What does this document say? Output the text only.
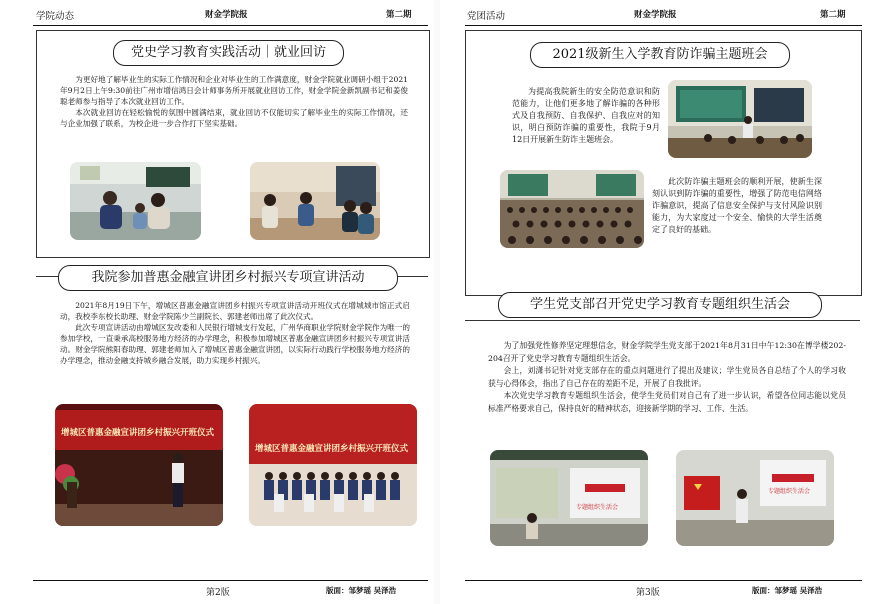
学院动态	财金学院报	第二期
党史学习教育实践活动｜就业回访

为更好地了解毕业生的实际工作情况和企业对毕业生的工作满意度，财金学院就业调研小组于2021年9月2日上午9:30前往广州市增信鸿日会计师事务所开展就业回访工作，财金学院金新凯副书记和姜俊聪老师参与指导了本次就业回访工作。

本次就业回访在轻松愉悦的氛围中圆满结束，就业回访不仅能切实了解毕业生的实际工作情况，还与企业加强了联系，为校企进一步合作打下坚实基础。

我院参加普惠金融宣讲团乡村振兴专项宣讲活动

2021年8月19日下午，增城区普惠金融宣讲团乡村振兴专项宣讲活动开班仪式在增城城市馆正式启动，我校李东校长助理、财金学院陈少兰副院长、郭建老师出席了此次仪式。

此次专项宣讲活动由增城区发改委和人民银行增城支行发起，广州华商职业学院财金学院作为唯一的参加学校，一直秉承高校服务地方经济的办学理念，积极参加增城区普惠金融宣讲团乡村振兴专项宣讲活动。财金学院熊阳春助理、郭建老师加入了增城区普惠金融宣讲团，以实际行动践行学校服务地方经济的办学理念，推动金融支持城乡融合发展，助力实现乡村振兴。

增城区普惠金融宣讲团乡村振兴开班仪式
增城区普惠金融宣讲团乡村振兴开班仪式
第2版	版面：邹梦瑶 吴泽浩
党团活动	财金学院报	第二期
2021级新生入学教育防诈骗主题班会

为提高我院新生的安全防范意识和防范能力，让他们更多地了解诈骗的各种形式及自我预防、自我保护、自我应对的知识，明白预防诈骗的重要性，我院于9月12日开展新生防诈主题班会。

此次防诈骗主题班会的顺利开展，使新生深刻认识到防诈骗的重要性，增强了防范电信网络诈骗意识，提高了信息安全保护与支付风险识别能力，为大家度过一个安全、愉快的大学生活奠定了良好的基础。

学生党支部召开党史学习教育专题组织生活会

为了加强党性修养坚定理想信念，财金学院学生党支部于2021年8月31日中午12:30在博学楼202-204召开了党史学习教育专题组织生活会。

会上，刘潇书记针对党支部存在的重点问题进行了提出及建议；学生党员各自总结了个人的学习收获与心得体会，指出了自己存在的差距不足，开展了自我批评。

本次党史学习教育专题组织生活会，使学生党员们对自己有了进一步认识，希望各位同志能以党员标准严格要求自己，保持良好的精神状态，迎接新学期的学习、工作、生活。

专题组织生活会
专题组织生活会
第3版	版面：邹梦瑶 吴泽浩
